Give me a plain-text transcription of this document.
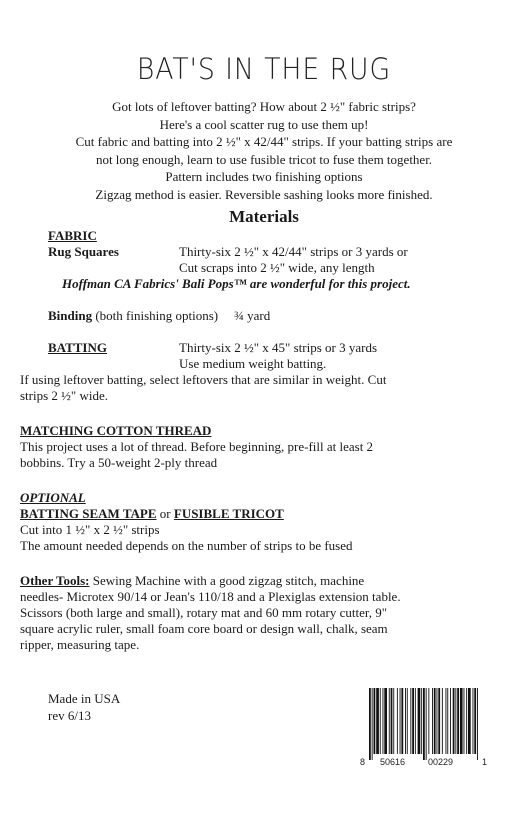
BAT'S IN THE RUG
Got lots of leftover batting? How about 2 ½" fabric strips?
Here's a cool scatter rug to use them up!
Cut fabric and batting into 2 ½" x 42/44" strips. If your batting strips are
not long enough, learn to use fusible tricot to fuse them together.
Pattern includes two finishing options
Zigzag method is easier. Reversible sashing looks more finished.
Materials
FABRIC
Rug Squares	Thirty-six 2 ½" x 42/44" strips or 3 yards or

Cut scraps into 2 ½" wide, any length
Hoffman CA Fabrics' Bali Pops™ are wonderful for this project.
Binding (both finishing options) ¾ yard
BATTING	Thirty-six 2 ½" x 45" strips or 3 yards

Use medium weight batting.
If using leftover batting, select leftovers that are similar in weight. Cut
strips 2 ½" wide.
MATCHING COTTON THREAD
This project uses a lot of thread. Before beginning, pre-fill at least 2
bobbins. Try a 50-weight 2-ply thread
OPTIONAL
BATTING SEAM TAPE or FUSIBLE TRICOT
Cut into 1 ½" x 2 ½" strips
The amount needed depends on the number of strips to be fused
Other Tools: Sewing Machine with a good zigzag stitch, machine
needles- Microtex 90/14 or Jean's 110/18 and a Plexiglas extension table.
Scissors (both large and small), rotary mat and 60 mm rotary cutter, 9"
square acrylic ruler, small foam core board or design wall, chalk, seam
ripper, measuring tape.
Made in USA
rev 6/13
8 50616	00229	1
